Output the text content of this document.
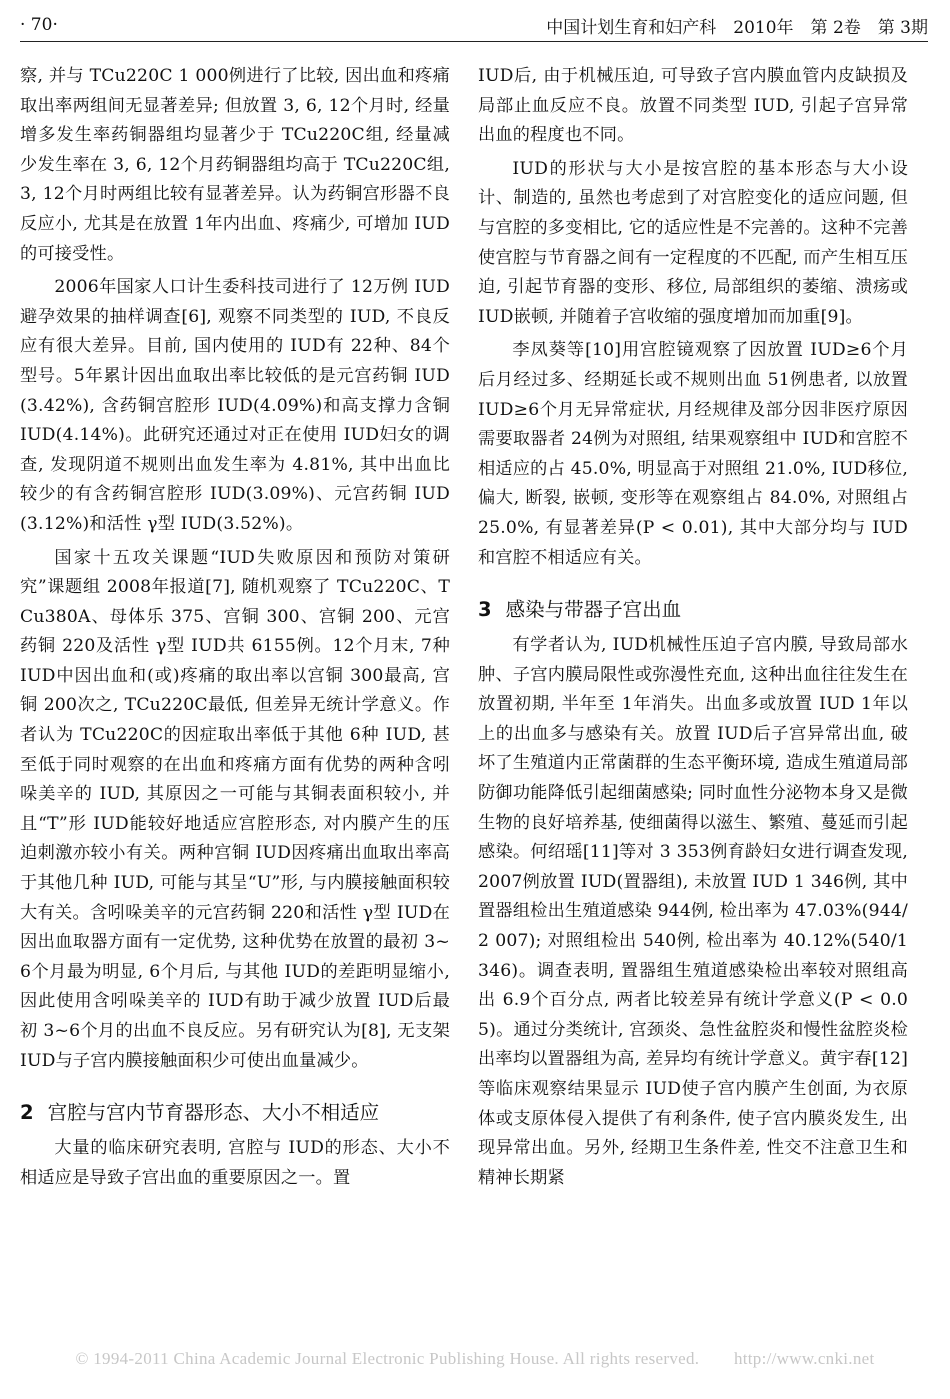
· 70·	中国计划生育和妇产科　2010年　第 2卷　第 3期

察, 并与 TCu220C 1 000例进行了比较, 因出血和疼痛取出率两组间无显著差异; 但放置 3, 6, 12个月时, 经量增多发生率药铜器组均显著少于 TCu220C组, 经量减少发生率在 3, 6, 12个月药铜器组均高于 TCu220C组, 3, 12个月时两组比较有显著差异。认为药铜宫形器不良反应小, 尤其是在放置 1年内出血、疼痛少, 可增加 IUD的可接受性。

2006年国家人口计生委科技司进行了 12万例 IUD避孕效果的抽样调查[6], 观察不同类型的 IUD, 不良反应有很大差异。目前, 国内使用的 IUD有 22种、84个型号。5年累计因出血取出率比较低的是元宫药铜 IUD(3.42%), 含药铜宫腔形 IUD(4.09%)和高支撑力含铜 IUD(4.14%)。此研究还通过对正在使用 IUD妇女的调查, 发现阴道不规则出血发生率为 4.81%, 其中出血比较少的有含药铜宫腔形 IUD(3.09%)、元宫药铜 IUD(3.12%)和活性 γ型 IUD(3.52%)。

国家十五攻关课题“IUD失败原因和预防对策研究”课题组 2008年报道[7], 随机观察了 TCu220C、TCu380A、母体乐 375、宫铜 300、宫铜 200、元宫药铜 220及活性 γ型 IUD共 6155例。12个月末, 7种 IUD中因出血和(或)疼痛的取出率以宫铜 300最高, 宫铜 200次之, TCu220C最低, 但差异无统计学意义。作者认为 TCu220C的因症取出率低于其他 6种 IUD, 甚至低于同时观察的在出血和疼痛方面有优势的两种含吲哚美辛的 IUD, 其原因之一可能与其铜表面积较小, 并且“T”形 IUD能较好地适应宫腔形态, 对内膜产生的压迫刺激亦较小有关。两种宫铜 IUD因疼痛出血取出率高于其他几种 IUD, 可能与其呈“U”形, 与内膜接触面积较大有关。含吲哚美辛的元宫药铜 220和活性 γ型 IUD在因出血取器方面有一定优势, 这种优势在放置的最初 3~6个月最为明显, 6个月后, 与其他 IUD的差距明显缩小, 因此使用含吲哚美辛的 IUD有助于减少放置 IUD后最初 3~6个月的出血不良反应。另有研究认为[8], 无支架 IUD与子宫内膜接触面积少可使出血量减少。

2 宫腔与宫内节育器形态、大小不相适应

大量的临床研究表明, 宫腔与 IUD的形态、大小不相适应是导致子宫出血的重要原因之一。置

IUD后, 由于机械压迫, 可导致子宫内膜血管内皮缺损及局部止血反应不良。放置不同类型 IUD, 引起子宫异常出血的程度也不同。

IUD的形状与大小是按宫腔的基本形态与大小设计、制造的, 虽然也考虑到了对宫腔变化的适应问题, 但与宫腔的多变相比, 它的适应性是不完善的。这种不完善使宫腔与节育器之间有一定程度的不匹配, 而产生相互压迫, 引起节育器的变形、移位, 局部组织的萎缩、溃疡或 IUD嵌顿, 并随着子宫收缩的强度增加而加重[9]。

李凤葵等[10]用宫腔镜观察了因放置 IUD≥6个月后月经过多、经期延长或不规则出血 51例患者, 以放置 IUD≥6个月无异常症状, 月经规律及部分因非医疗原因需要取器者 24例为对照组, 结果观察组中 IUD和宫腔不相适应的占 45.0%, 明显高于对照组 21.0%, IUD移位, 偏大, 断裂, 嵌顿, 变形等在观察组占 84.0%, 对照组占 25.0%, 有显著差异(P < 0.01), 其中大部分均与 IUD和宫腔不相适应有关。

3 感染与带器子宫出血

有学者认为, IUD机械性压迫子宫内膜, 导致局部水肿、子宫内膜局限性或弥漫性充血, 这种出血往往发生在放置初期, 半年至 1年消失。出血多或放置 IUD 1年以上的出血多与感染有关。放置 IUD后子宫异常出血, 破坏了生殖道内正常菌群的生态平衡环境, 造成生殖道局部防御功能降低引起细菌感染; 同时血性分泌物本身又是微生物的良好培养基, 使细菌得以滋生、繁殖、蔓延而引起感染。何绍瑶[11]等对 3 353例育龄妇女进行调查发现, 2007例放置 IUD(置器组), 未放置 IUD 1 346例, 其中置器组检出生殖道感染 944例, 检出率为 47.03%(944/2 007); 对照组检出 540例, 检出率为 40.12%(540/1 346)。调查表明, 置器组生殖道感染检出率较对照组高出 6.9个百分点, 两者比较差异有统计学意义(P < 0.05)。通过分类统计, 宫颈炎、急性盆腔炎和慢性盆腔炎检出率均以置器组为高, 差异均有统计学意义。黄宇春[12]等临床观察结果显示 IUD使子宫内膜产生创面, 为衣原体或支原体侵入提供了有利条件, 使子宫内膜炎发生, 出现异常出血。另外, 经期卫生条件差, 性交不注意卫生和精神长期紧

© 1994-2011 China Academic Journal Electronic Publishing House. All rights reserved.　　http://www.cnki.net
